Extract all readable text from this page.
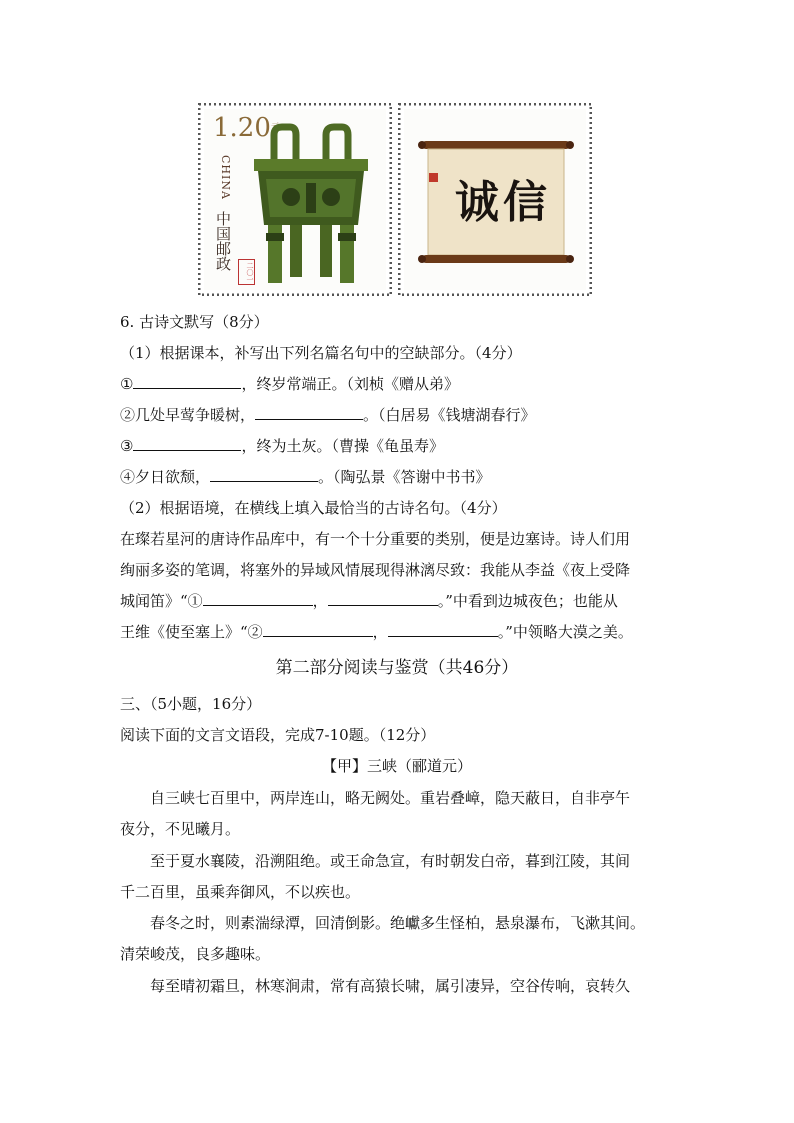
$1.20^元$
CHINA
中国邮政
二〇一
诚信
6. 古诗文默写（8分）
（1）根据课本，补写出下列名篇名句中的空缺部分。（4分）
①	，终岁常端正。（刘桢《赠从弟》
②几处早莺争暖树，	。（白居易《钱塘湖春行》
③	，终为土灰。（曹操《龟虽寿》
④夕日欲颓，	。（陶弘景《答谢中书书》
（2）根据语境，在横线上填入最恰当的古诗名句。（4分）
在璨若星河的唐诗作品库中，有一个十分重要的类别，便是边塞诗。诗人们用
绚丽多姿的笔调，将塞外的异域风情展现得淋漓尽致：我能从李益《夜上受降
城闻笛》“①	，	。”中看到边城夜色；也能从
王维《使至塞上》“②	，	。”中领略大漠之美。
第二部分阅读与鉴赏（共46分）
三、（5小题，16分）
阅读下面的文言文语段，完成7-10题。（12分）
【甲】三峡（郦道元）
自三峡七百里中，两岸连山，略无阙处。重岩叠嶂，隐天蔽日，自非亭午
夜分，不见曦月。
至于夏水襄陵，沿溯阻绝。或王命急宣，有时朝发白帝，暮到江陵，其间
千二百里，虽乘奔御风，不以疾也。
春冬之时，则素湍绿潭，回清倒影。绝巘多生怪柏，悬泉瀑布，飞漱其间。
清荣峻茂，良多趣味。
每至晴初霜旦，林寒涧肃，常有高猿长啸，属引凄异，空谷传响，哀转久
